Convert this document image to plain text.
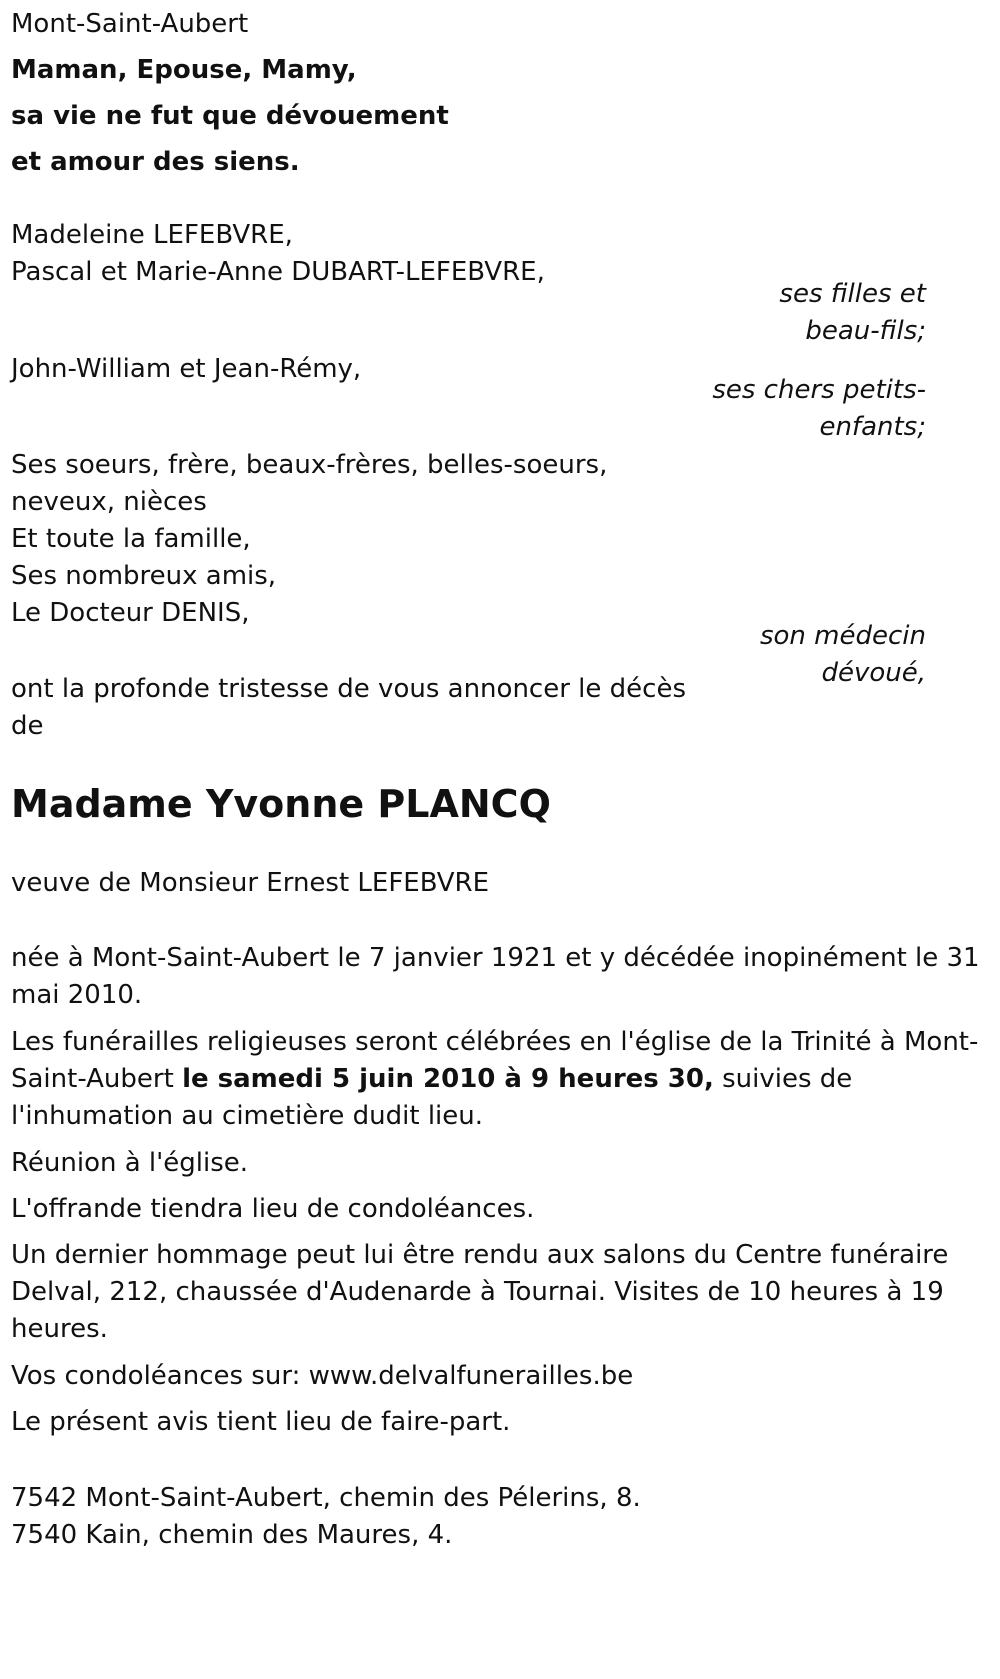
Mont-Saint-Aubert
Maman, Epouse, Mamy,
sa vie ne fut que dévouement
et amour des siens.
Madeleine LEFEBVRE,
Pascal et Marie-Anne DUBART-LEFEBVRE,
ses filles et
beau-fils;
John-William et Jean-Rémy,
ses chers petits-
enfants;
Ses soeurs, frère, beaux-frères, belles-soeurs,
neveux, nièces
Et toute la famille,
Ses nombreux amis,
Le Docteur DENIS,
son médecin
dévoué,
ont la profonde tristesse de vous annoncer le décès
de
Madame Yvonne PLANCQ
veuve de Monsieur Ernest LEFEBVRE
née à Mont-Saint-Aubert le 7 janvier 1921 et y décédée inopinément le 31 mai 2010.
Les funérailles religieuses seront célébrées en l'église de la Trinité à Mont-Saint-Aubert le samedi 5 juin 2010 à 9 heures 30, suivies de l'inhumation au cimetière dudit lieu.
Réunion à l'église.
L'offrande tiendra lieu de condoléances.
Un dernier hommage peut lui être rendu aux salons du Centre funéraire Delval, 212, chaussée d'Audenarde à Tournai. Visites de 10 heures à 19 heures.
Vos condoléances sur: www.delvalfunerailles.be
Le présent avis tient lieu de faire-part.
7542 Mont-Saint-Aubert, chemin des Pélerins, 8.
7540 Kain, chemin des Maures, 4.
